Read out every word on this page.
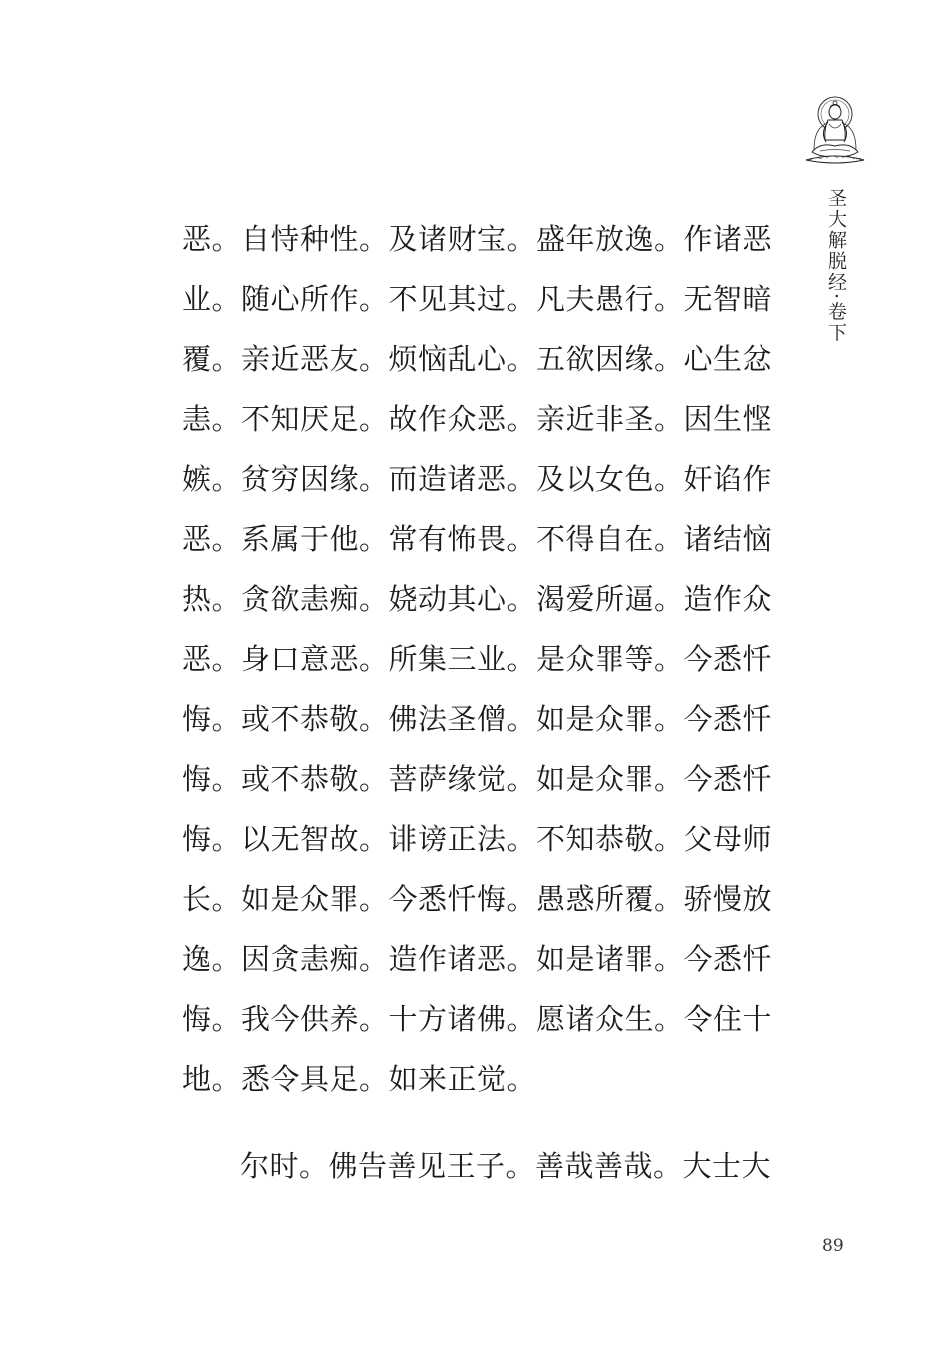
圣大解脱经·卷下
恶。自恃种性。及诸财宝。盛年放逸。作诸恶
业。随心所作。不见其过。凡夫愚行。无智暗
覆。亲近恶友。烦恼乱心。五欲因缘。心生忿
恚。不知厌足。故作众恶。亲近非圣。因生悭
嫉。贫穷因缘。而造诸恶。及以女色。奸谄作
恶。系属于他。常有怖畏。不得自在。诸结恼
热。贪欲恚痴。娆动其心。渴爱所逼。造作众
恶。身口意恶。所集三业。是众罪等。今悉忏
悔。或不恭敬。佛法圣僧。如是众罪。今悉忏
悔。或不恭敬。菩萨缘觉。如是众罪。今悉忏
悔。以无智故。诽谤正法。不知恭敬。父母师
长。如是众罪。今悉忏悔。愚惑所覆。骄慢放
逸。因贪恚痴。造作诸恶。如是诸罪。今悉忏
悔。我今供养。十方诸佛。愿诸众生。令住十
地。悉令具足。如来正觉。
尔时。佛告善见王子。善哉善哉。大士大
89
